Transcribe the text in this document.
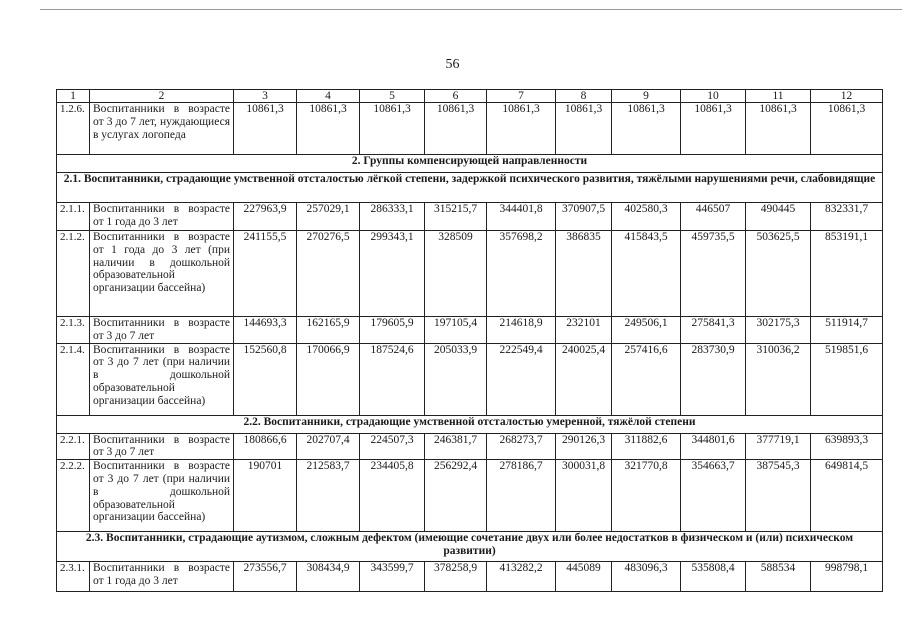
56
1	2	3	4	5	6	7	8	9	10	11	12
1.2.6.	Воспитанники в возрасте от 3 до 7 лет, нуждающиеся в услугах логопеда	10861,3	10861,3	10861,3	10861,3	10861,3	10861,3	10861,3	10861,3	10861,3	10861,3
2. Группы компенсирующей направленности											
2.1. Воспитанники, страдающие умственной отсталостью лёгкой степени, задержкой психического развития, тяжёлыми нарушениями речи, слабовидящие											
2.1.1.	Воспитанники в возрасте от 1 года до 3 лет	227963,9	257029,1	286333,1	315215,7	344401,8	370907,5	402580,3	446507	490445	832331,7
2.1.2.	Воспитанники в возрасте от 1 года до 3 лет (при наличии в дошкольной образовательной организации бассейна)	241155,5	270276,5	299343,1	328509	357698,2	386835	415843,5	459735,5	503625,5	853191,1
2.1.3.	Воспитанники в возрасте от 3 до 7 лет	144693,3	162165,9	179605,9	197105,4	214618,9	232101	249506,1	275841,3	302175,3	511914,7
2.1.4.	Воспитанники в возрасте от 3 до 7 лет (при наличии в дошкольной образовательной организации бассейна)	152560,8	170066,9	187524,6	205033,9	222549,4	240025,4	257416,6	283730,9	310036,2	519851,6
2.2. Воспитанники, страдающие умственной отсталостью умеренной, тяжёлой степени											
2.2.1.	Воспитанники в возрасте от 3 до 7 лет	180866,6	202707,4	224507,3	246381,7	268273,7	290126,3	311882,6	344801,6	377719,1	639893,3
2.2.2.	Воспитанники в возрасте от 3 до 7 лет (при наличии в дошкольной образовательной организации бассейна)	190701	212583,7	234405,8	256292,4	278186,7	300031,8	321770,8	354663,7	387545,3	649814,5
2.3. Воспитанники, страдающие аутизмом, сложным дефектом (имеющие сочетание двух или более недостатков в физическом и (или) психическом развитии)											
2.3.1.	Воспитанники в возрасте от 1 года до 3 лет	273556,7	308434,9	343599,7	378258,9	413282,2	445089	483096,3	535808,4	588534	998798,1
